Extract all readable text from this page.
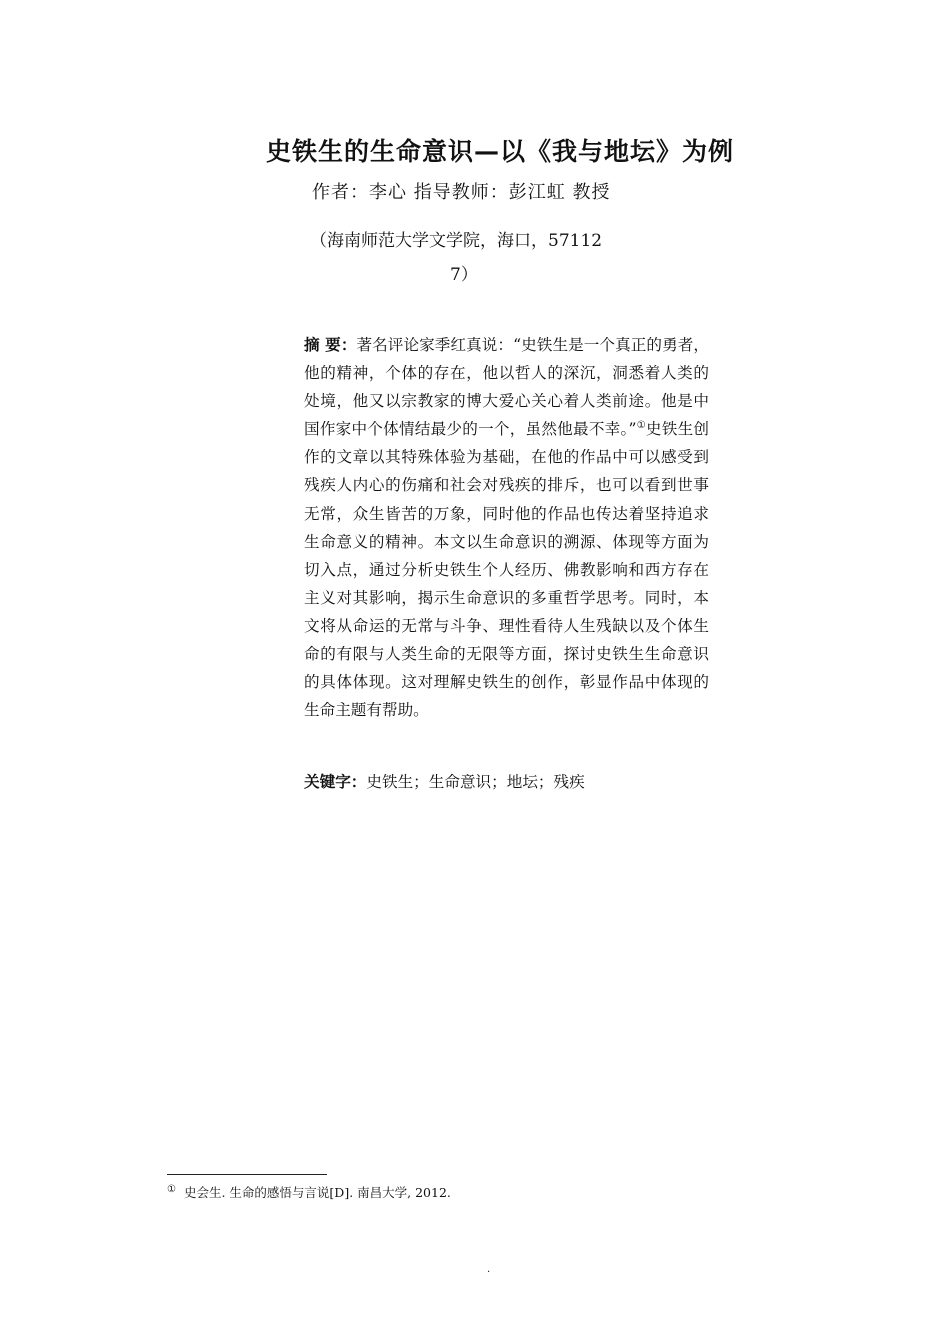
史铁生的生命意识—以《我与地坛》为例

作者：李心 指导教师：彭江虹 教授

（海南师范大学文学院，海口，57112

7）

摘 要：著名评论家季红真说：“史铁生是一个真正的勇者，他的精神，个体的存在，他以哲人的深沉，洞悉着人类的处境，他又以宗教家的博大爱心关心着人类前途。他是中国作家中个体情结最少的一个，虽然他最不幸。”①史铁生创作的文章以其特殊体验为基础，在他的作品中可以感受到残疾人内心的伤痛和社会对残疾的排斥，也可以看到世事无常，众生皆苦的万象，同时他的作品也传达着坚持追求生命意义的精神。本文以生命意识的溯源、体现等方面为切入点，通过分析史铁生个人经历、佛教影响和西方存在主义对其影响，揭示生命意识的多重哲学思考。同时，本文将从命运的无常与斗争、理性看待人生残缺以及个体生命的有限与人类生命的无限等方面，探讨史铁生生命意识的具体体现。这对理解史铁生的创作，彰显作品中体现的生命主题有帮助。

关键字：史铁生；生命意识；地坛；残疾

① 史会生. 生命的感悟与言说[D]. 南昌大学, 2012.

.
